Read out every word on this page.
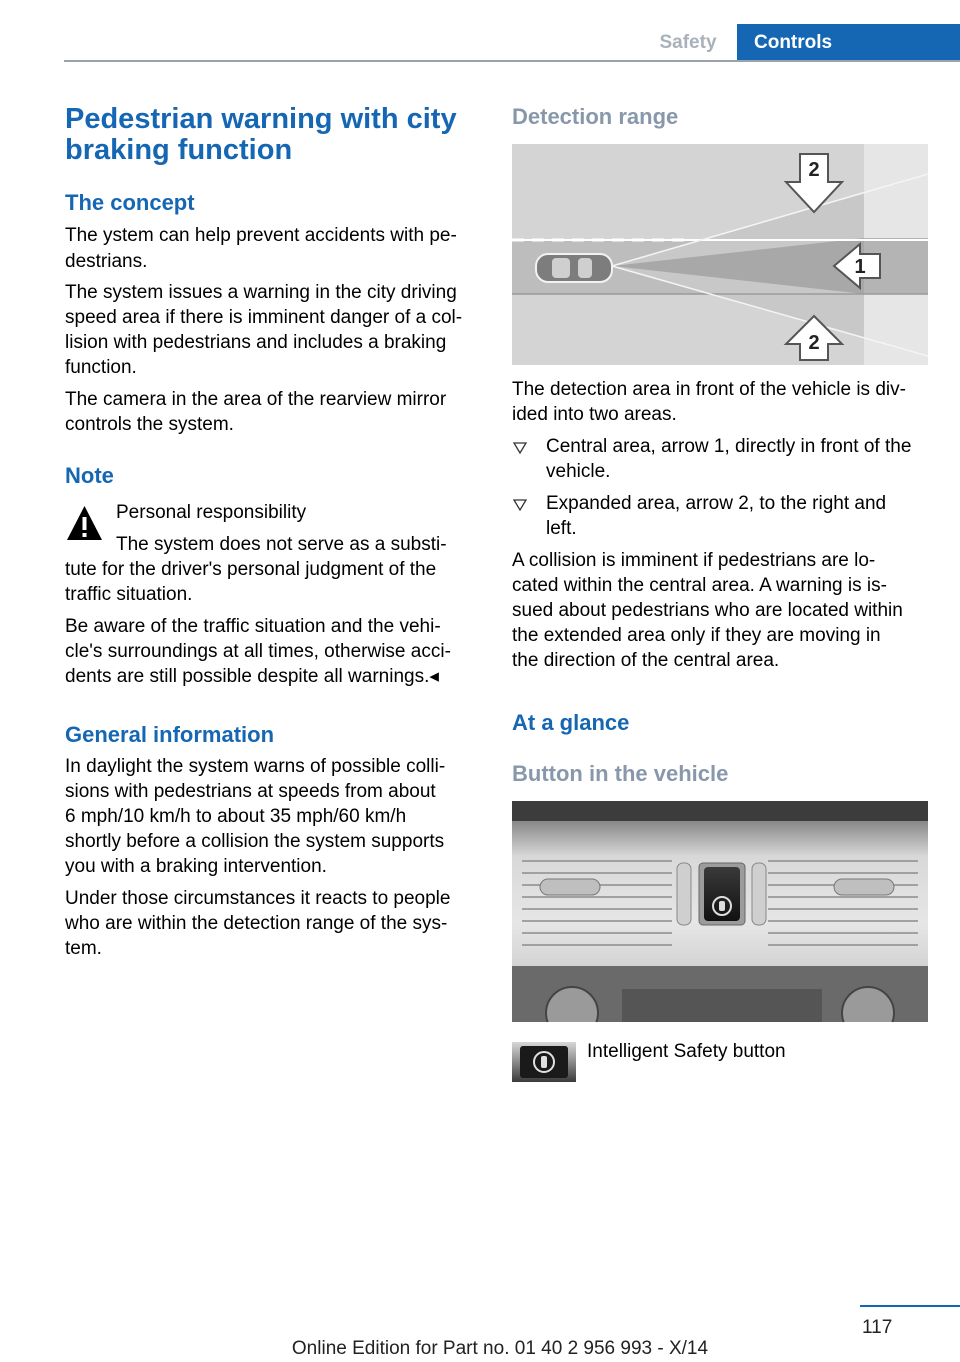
Safety	Controls
Pedestrian warning with city
braking function
The concept
The ystem can help prevent accidents with pe‐
destrians.
The system issues a warning in the city driving
speed area if there is imminent danger of a col‐
lision with pedestrians and includes a braking
function.
The camera in the area of the rearview mirror
controls the system.
Note
Personal responsibility
The system does not serve as a substi‐
tute for the driver's personal judgment of the
traffic situation.
Be aware of the traffic situation and the vehi‐
cle's surroundings at all times, otherwise acci‐
dents are still possible despite all warnings.◂
General information
In daylight the system warns of possible colli‐
sions with pedestrians at speeds from about
6 mph/10 km/h to about 35 mph/60 km/h
shortly before a collision the system supports
you with a braking intervention.
Under those circumstances it reacts to people
who are within the detection range of the sys‐
tem.
Detection range
2
1
2
The detection area in front of the vehicle is div‐
ided into two areas.
Central area, arrow 1, directly in front of the
vehicle.
Expanded area, arrow 2, to the right and
left.
A collision is imminent if pedestrians are lo‐
cated within the central area. A warning is is‐
sued about pedestrians who are located within
the extended area only if they are moving in
the direction of the central area.
At a glance
Button in the vehicle
Intelligent Safety button
117
Online Edition for Part no. 01 40 2 956 993 - X/14
